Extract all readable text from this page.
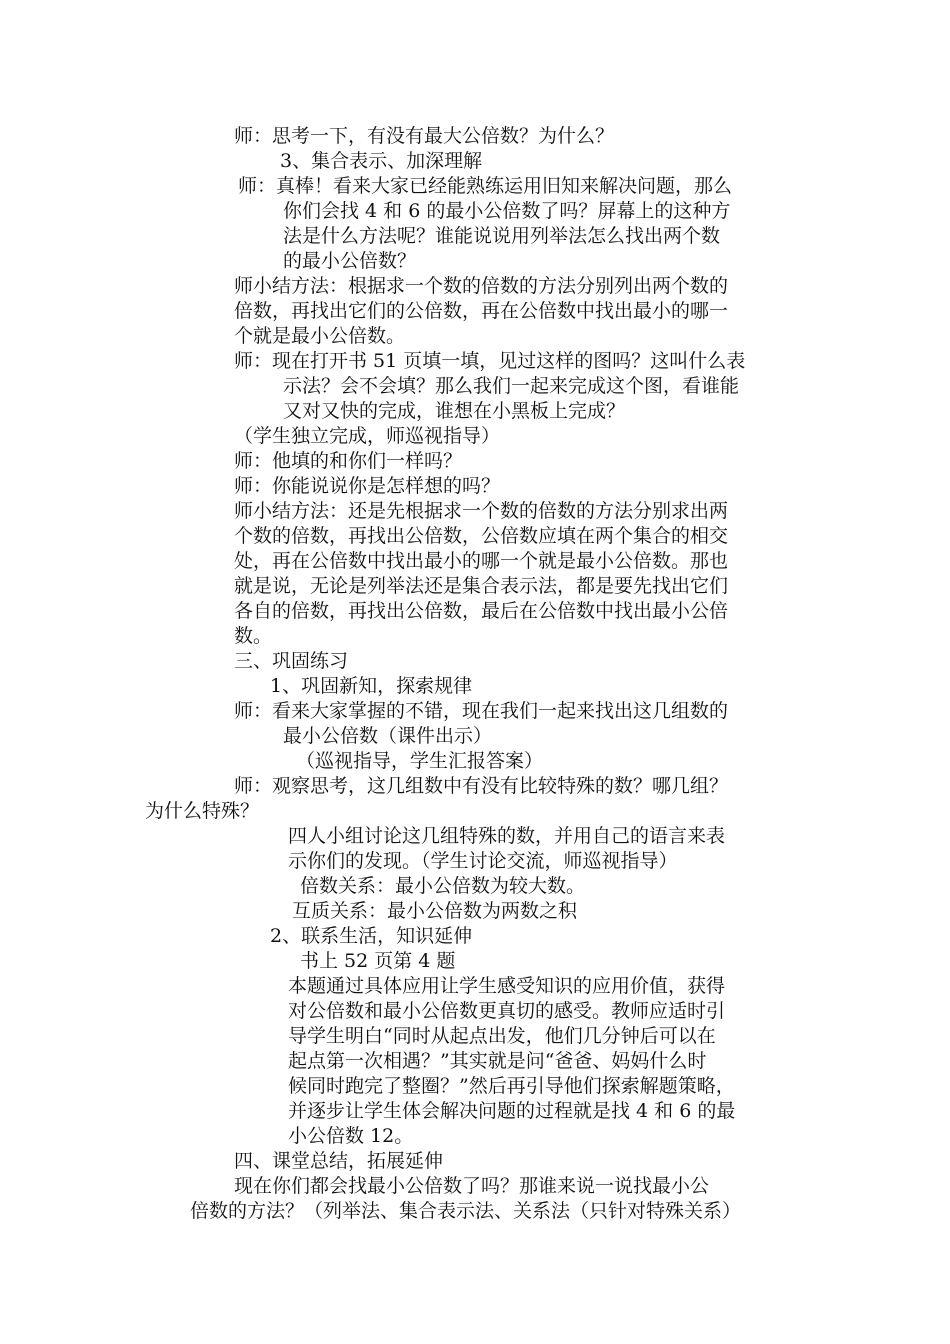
师：思考一下，有没有最大公倍数？为什么？
3、集合表示、加深理解
师：真棒！看来大家已经能熟练运用旧知来解决问题，那么
你们会找 4 和 6 的最小公倍数了吗？屏幕上的这种方
法是什么方法呢？谁能说说用列举法怎么找出两个数
的最小公倍数？
师小结方法：根据求一个数的倍数的方法分别列出两个数的
倍数，再找出它们的公倍数，再在公倍数中找出最小的哪一
个就是最小公倍数。
师：现在打开书 51 页填一填，见过这样的图吗？这叫什么表
示法？会不会填？那么我们一起来完成这个图，看谁能
又对又快的完成，谁想在小黑板上完成？
（学生独立完成，师巡视指导）
师：他填的和你们一样吗？
师：你能说说你是怎样想的吗？
师小结方法：还是先根据求一个数的倍数的方法分别求出两
个数的倍数，再找出公倍数，公倍数应填在两个集合的相交
处，再在公倍数中找出最小的哪一个就是最小公倍数。那也
就是说，无论是列举法还是集合表示法，都是要先找出它们
各自的倍数，再找出公倍数，最后在公倍数中找出最小公倍
数。
三、巩固练习
1、巩固新知，探索规律
师：看来大家掌握的不错，现在我们一起来找出这几组数的
最小公倍数（课件出示）
（巡视指导，学生汇报答案）
师：观察思考，这几组数中有没有比较特殊的数？哪几组？
为什么特殊？
四人小组讨论这几组特殊的数，并用自己的语言来表
示你们的发现。（学生讨论交流，师巡视指导）
倍数关系：最小公倍数为较大数。
互质关系：最小公倍数为两数之积
2、联系生活，知识延伸
书上 52 页第 4 题
本题通过具体应用让学生感受知识的应用价值，获得
对公倍数和最小公倍数更真切的感受。教师应适时引
导学生明白“同时从起点出发，他们几分钟后可以在
起点第一次相遇？”其实就是问“爸爸、妈妈什么时
候同时跑完了整圈？”然后再引导他们探索解题策略，
并逐步让学生体会解决问题的过程就是找 4 和 6 的最
小公倍数 12。
四、课堂总结，拓展延伸
现在你们都会找最小公倍数了吗？那谁来说一说找最小公
倍数的方法？（列举法、集合表示法、关系法（只针对特殊关系）
